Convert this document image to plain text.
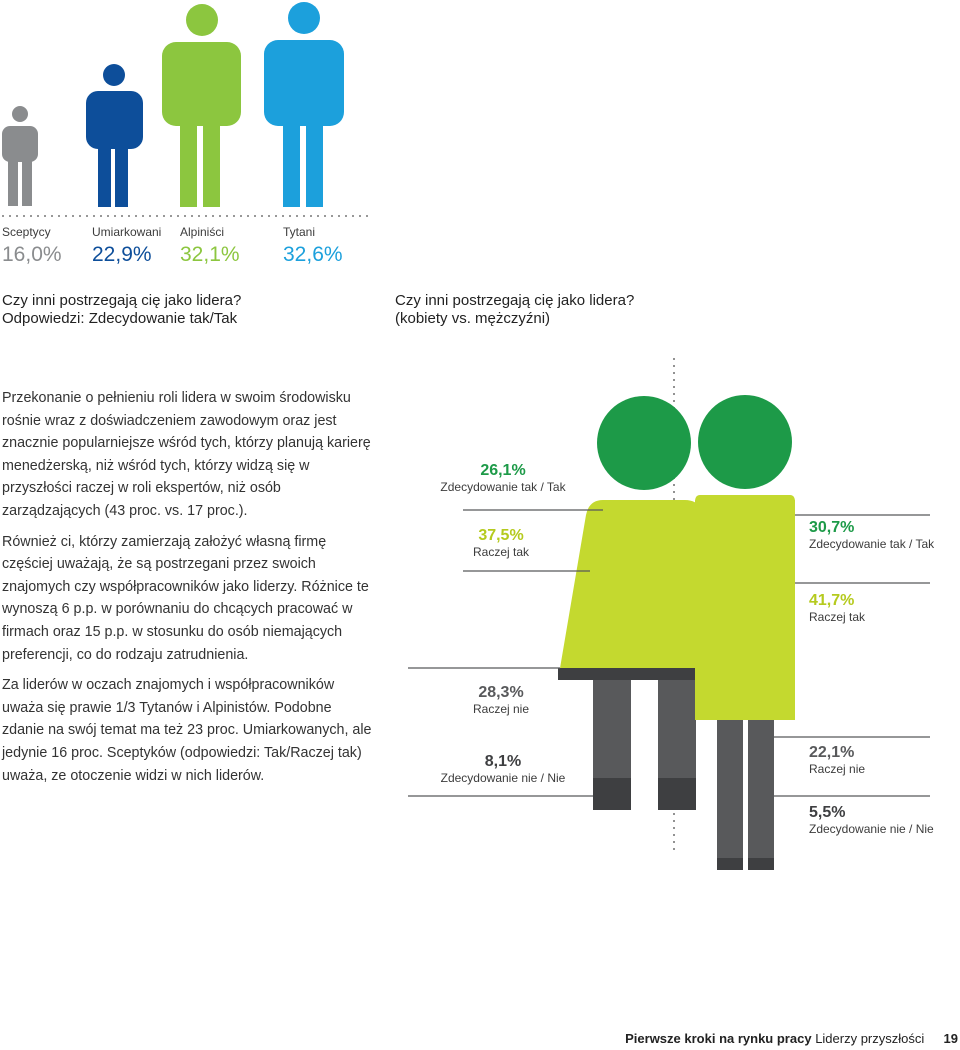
Sceptycy
16,0%
Umiarkowani
22,9%
Alpiniści
32,1%
Tytani
32,6%
Czy inni postrzegają cię jako lidera?
Odpowiedzi: Zdecydowanie tak/Tak
Czy inni postrzegają cię jako lidera?
(kobiety vs. mężczyźni)

Przekonanie o pełnieniu roli lidera w swoim środowisku rośnie wraz z doświadczeniem zawodowym oraz jest znacznie popularniejsze wśród tych, którzy planują karierę menedżerską, niż wśród tych, którzy widzą się w przyszłości raczej w roli ekspertów, niż osób zarządzających (43 proc. vs. 17 proc.).

Również ci, którzy zamierzają założyć własną firmę częściej uważają, że są postrzegani przez swoich znajomych czy współpracowników jako liderzy. Różnice te wynoszą 6 p.p. w porównaniu do chcących pracować w firmach oraz 15 p.p. w stosunku do osób niemających preferencji, co do rodzaju zatrudnienia.

Za liderów w oczach znajomych i współpracowników uważa się prawie 1/3 Tytanów i Alpinistów. Podobne zdanie na swój temat ma też 23 proc. Umiarkowanych, ale jedynie 16 proc. Sceptyków (odpowiedzi: Tak/Raczej tak) uważa, ze otoczenie widzi w nich liderów.

26,1%
Zdecydowanie tak / Tak
37,5%
Raczej tak
28,3%
Raczej nie
8,1%
Zdecydowanie nie / Nie
30,7%
Zdecydowanie tak / Tak
41,7%
Raczej tak
22,1%
Raczej nie
5,5%
Zdecydowanie nie / Nie
Pierwsze kroki na rynku pracy Liderzy przyszłości 19
